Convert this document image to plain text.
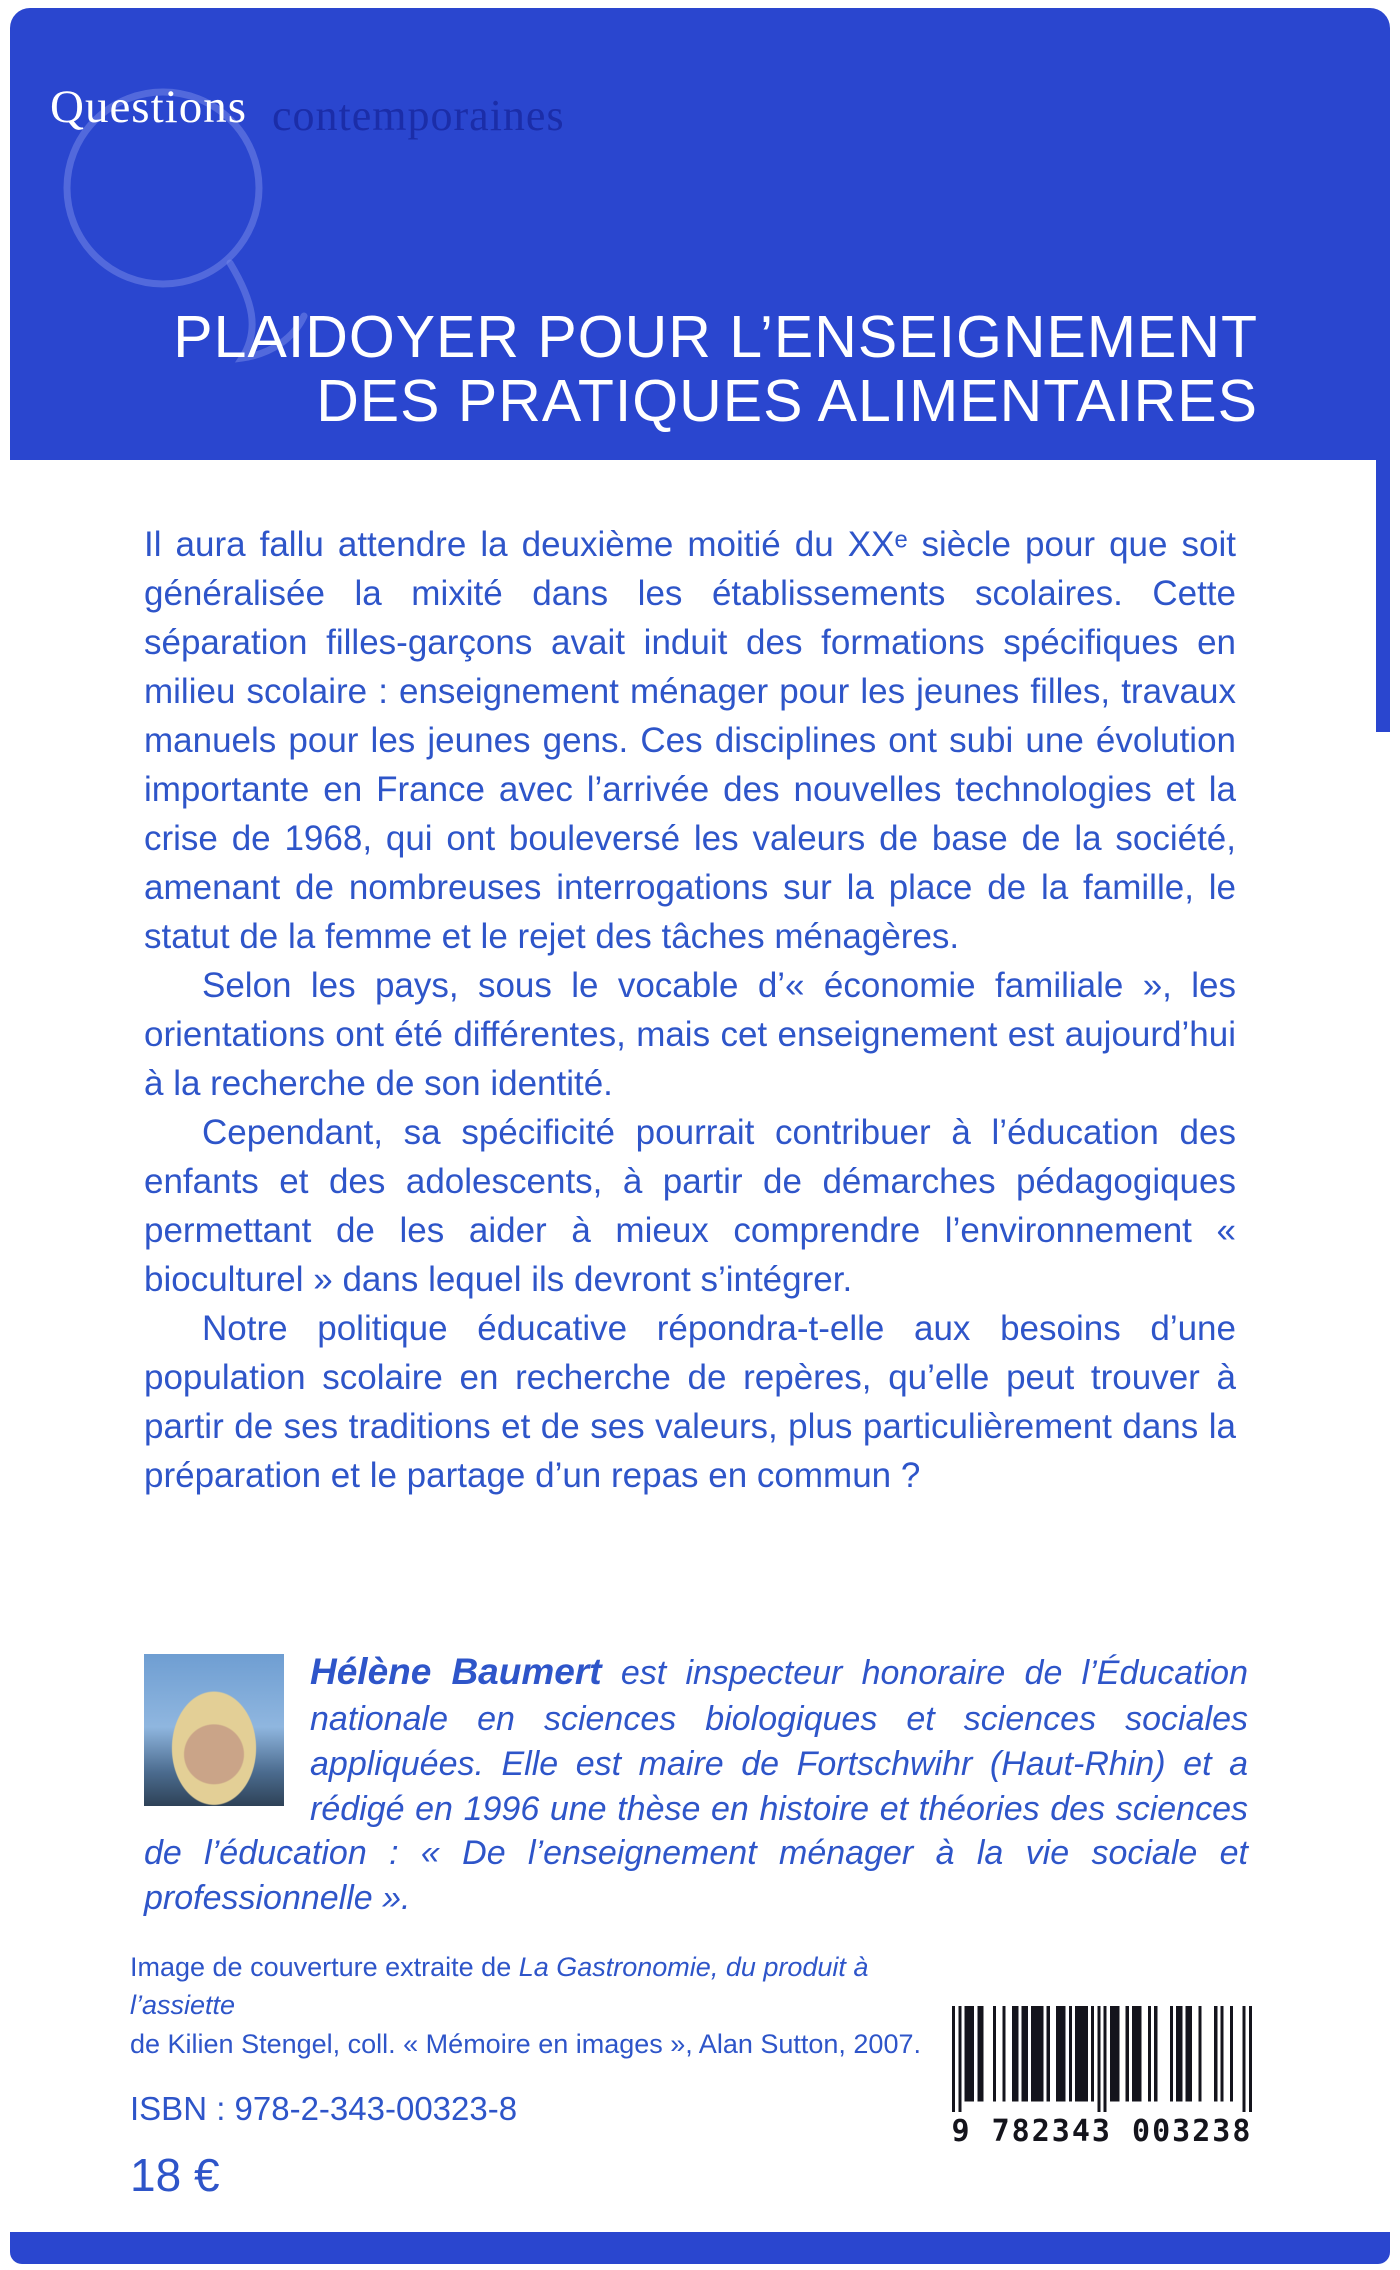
Questions contemporaines
PLAIDOYER POUR L’ENSEIGNEMENT
DES PRATIQUES ALIMENTAIRES

Il aura fallu attendre la deuxième moitié du XXᵉ siècle pour que soit généralisée la mixité dans les établissements scolaires. Cette séparation filles-garçons avait induit des formations spécifiques en milieu scolaire : enseignement ménager pour les jeunes filles, travaux manuels pour les jeunes gens. Ces disciplines ont subi une évolution importante en France avec l’arrivée des nouvelles technologies et la crise de 1968, qui ont bouleversé les valeurs de base de la société, amenant de nombreuses interrogations sur la place de la famille, le statut de la femme et le rejet des tâches ménagères.

Selon les pays, sous le vocable d’« économie familiale », les orientations ont été différentes, mais cet enseignement est aujourd’hui à la recherche de son identité.

Cependant, sa spécificité pourrait contribuer à l’éducation des enfants et des adolescents, à partir de démarches pédagogiques permettant de les aider à mieux comprendre l’environnement « bioculturel » dans lequel ils devront s’intégrer.

Notre politique éducative répondra-t-elle aux besoins d’une population scolaire en recherche de repères, qu’elle peut trouver à partir de ses traditions et de ses valeurs, plus particulièrement dans la préparation et le partage d’un repas en commun ?

Hélène Baumert est inspecteur honoraire de l’Éducation nationale en sciences biologiques et sciences sociales appliquées. Elle est maire de Fortschwihr (Haut-Rhin) et a rédigé en 1996 une thèse en histoire et théories des sciences de l’éducation : « De l’enseignement ménager à la vie sociale et professionnelle ».
Image de couverture extraite de La Gastronomie, du produit à l’assiette
de Kilien Stengel, coll. « Mémoire en images », Alan Sutton, 2007.
ISBN : 978-2-343-00323-8
18 €
9 782343 003238
